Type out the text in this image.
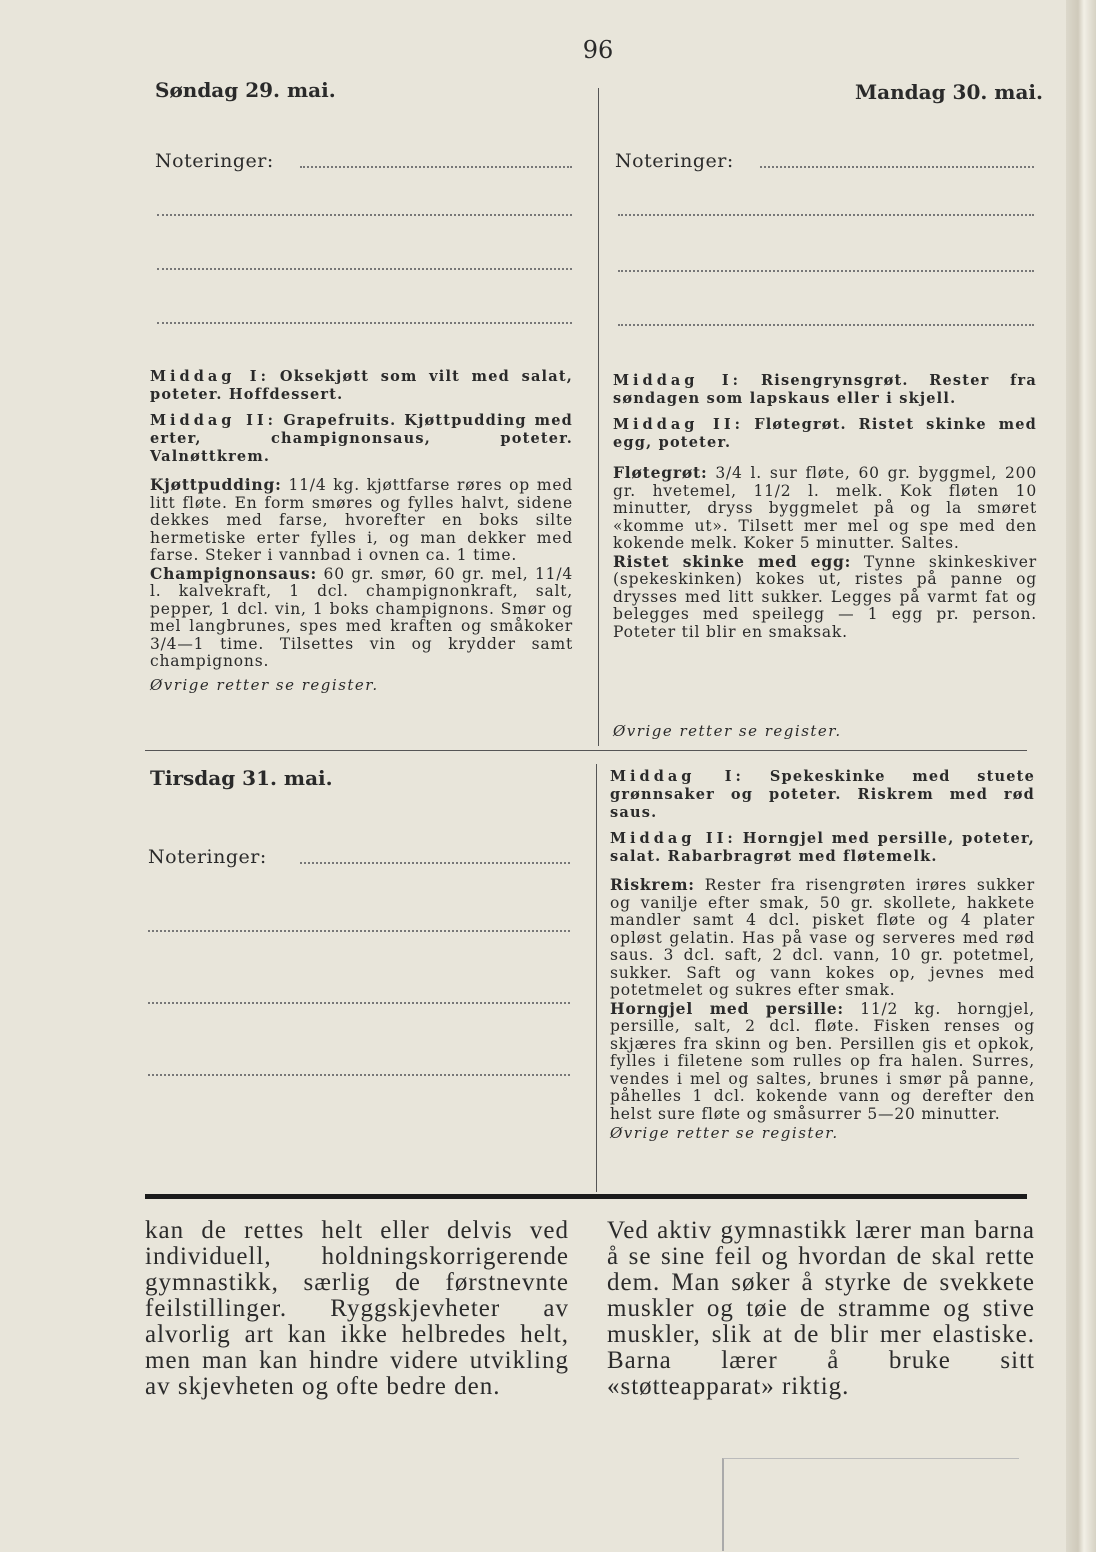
96
Søndag 29. mai.
Noteringer:

Middag I: Oksekjøtt som vilt med salat, poteter. Hoffdessert.

Middag II: Grapefruits. Kjøttpudding med erter, champignonsaus, poteter. Valnøttkrem.

Kjøttpudding: 11/4 kg. kjøttfarse røres op med litt fløte. En form smøres og fylles halvt, sidene dekkes med farse, hvorefter en boks silte hermetiske erter fylles i, og man dekker med farse. Steker i vannbad i ovnen ca. 1 time.

Champignonsaus: 60 gr. smør, 60 gr. mel, 11/4 l. kalvekraft, 1 dcl. champignonkraft, salt, pepper, 1 dcl. vin, 1 boks champignons. Smør og mel langbrunes, spes med kraften og småkoker 3/4—1 time. Tilsettes vin og krydder samt champignons.

Øvrige retter se register.
Mandag 30. mai.
Noteringer:

Middag I: Risengrynsgrøt. Rester fra søndagen som lapskaus eller i skjell.

Middag II: Fløtegrøt. Ristet skinke med egg, poteter.

Fløtegrøt: 3/4 l. sur fløte, 60 gr. byggmel, 200 gr. hvetemel, 11/2 l. melk. Kok fløten 10 minutter, dryss byggmelet på og la smøret «komme ut». Tilsett mer mel og spe med den kokende melk. Koker 5 minutter. Saltes.

Ristet skinke med egg: Tynne skinkeskiver (spekeskinken) kokes ut, ristes på panne og drysses med litt sukker. Legges på varmt fat og belegges med speilegg — 1 egg pr. person. Poteter til blir en smaksak.

Øvrige retter se register.
Tirsdag 31. mai.
Noteringer:

Middag I: Spekeskinke med stuete grønnsaker og poteter. Riskrem med rød saus.

Middag II: Horngjel med persille, poteter, salat. Rabarbragrøt med fløtemelk.

Riskrem: Rester fra risengrøten irøres sukker og vanilje efter smak, 50 gr. skollete, hakkete mandler samt 4 dcl. pisket fløte og 4 plater opløst gelatin. Has på vase og serveres med rød saus. 3 dcl. saft, 2 dcl. vann, 10 gr. potetmel, sukker. Saft og vann kokes op, jevnes med potetmelet og sukres efter smak.

Horngjel med persille: 11/2 kg. horngjel, persille, salt, 2 dcl. fløte. Fisken renses og skjæres fra skinn og ben. Persillen gis et opkok, fylles i filetene som rulles op fra halen. Surres, vendes i mel og saltes, brunes i smør på panne, påhelles 1 dcl. kokende vann og derefter den helst sure fløte og småsurrer 5—20 minutter.

Øvrige retter se register.
kan de rettes helt eller delvis ved individuell, holdningskorrigerende gymnastikk, særlig de førstnevnte feilstillinger. Ryggskjevheter av alvorlig art kan ikke helbredes helt, men man kan hindre videre utvikling av skjevheten og ofte bedre den.
Ved aktiv gymnastikk lærer man barna å se sine feil og hvordan de skal rette dem. Man søker å styrke de svekkete muskler og tøie de stramme og stive muskler, slik at de blir mer elastiske. Barna lærer å bruke sitt «støtteapparat» riktig.
